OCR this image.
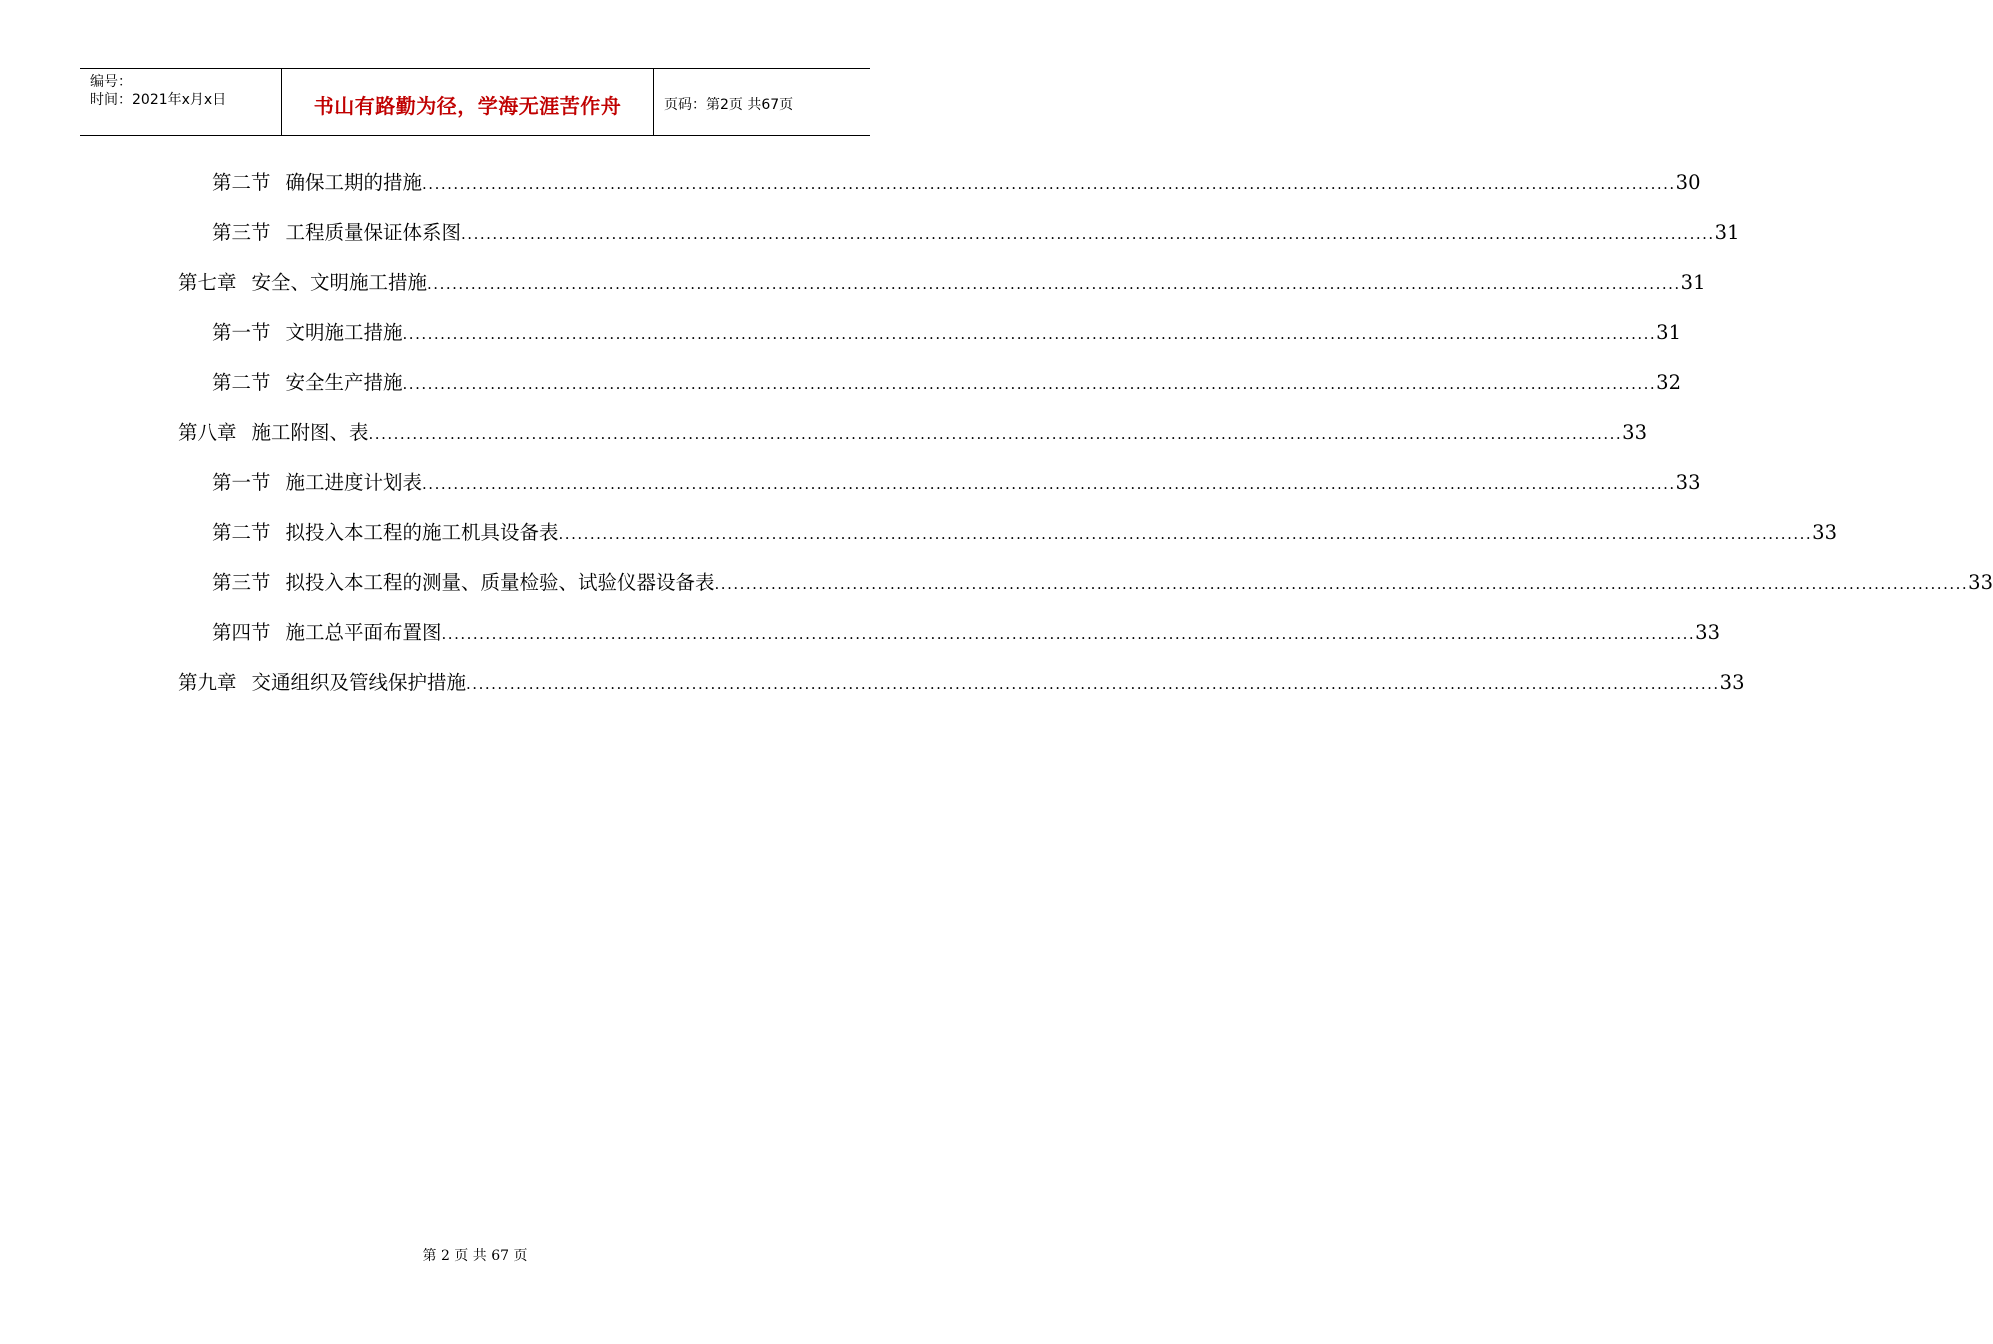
编号：
时间：2021年x月x日	书山有路勤为径，学海无涯苦作舟	页码：第2页 共67页
第二节 确保工期的措施 ........................................................................................................................................................................................................ 30
第三节 工程质量保证体系图 ........................................................................................................................................................................................................ 31
第七章 安全、文明施工措施 ........................................................................................................................................................................................................ 31
第一节 文明施工措施 ........................................................................................................................................................................................................ 31
第二节 安全生产措施 ........................................................................................................................................................................................................ 32
第八章 施工附图、表 ........................................................................................................................................................................................................ 33
第一节 施工进度计划表 ........................................................................................................................................................................................................ 33
第二节 拟投入本工程的施工机具设备表 ........................................................................................................................................................................................................ 33
第三节 拟投入本工程的测量、质量检验、试验仪器设备表 ........................................................................................................................................................................................................ 33
第四节 施工总平面布置图 ........................................................................................................................................................................................................ 33
第九章 交通组织及管线保护措施 ........................................................................................................................................................................................................ 33
第 2 页 共 67 页
